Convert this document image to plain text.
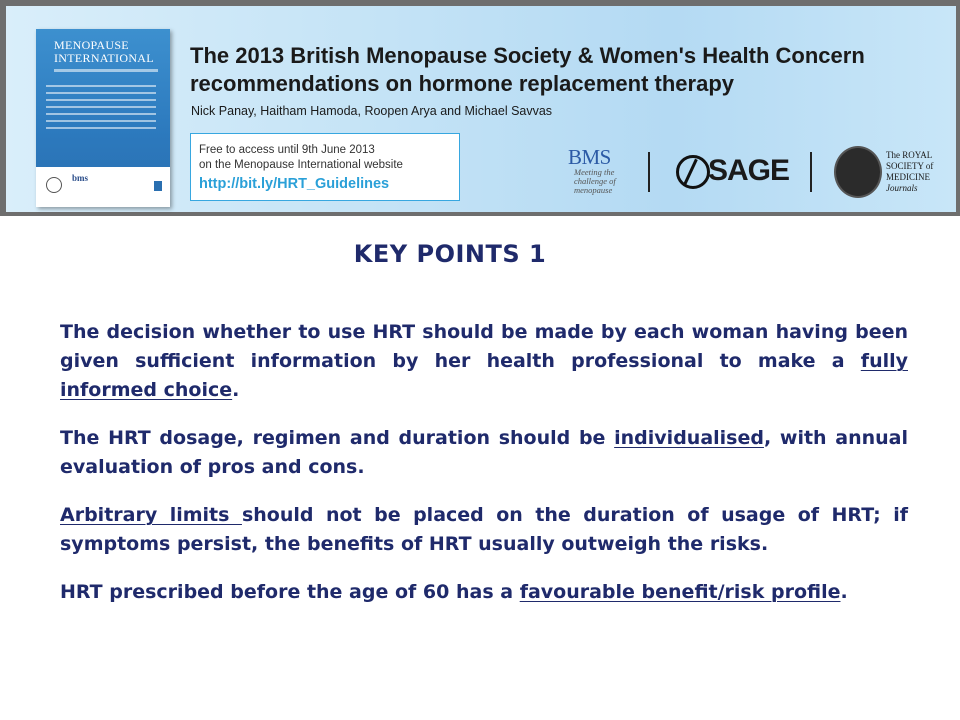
MENOPAUSE INTERNATIONAL
bms
The 2013 British Menopause Society & Women's Health Concern recommendations on hormone replacement therapy
Nick Panay, Haitham Hamoda, Roopen Arya and Michael Savvas
Free to access until 9th June 2013
on the Menopause International website
http://bit.ly/HRT_Guidelines
BMS
Meeting the challenge of menopause
SAGE	The ROYAL
SOCIETY of
MEDICINE
Journals
KEY POINTS 1

The decision whether to use HRT should be made by each woman having been given sufficient information by her health professional to make a fully informed choice.

The HRT dosage, regimen and duration should be individualised, with annual evaluation of pros and cons.

Arbitrary limits should not be placed on the duration of usage of HRT; if symptoms persist, the benefits of HRT usually outweigh the risks.

HRT prescribed before the age of 60 has a favourable benefit/risk profile.
